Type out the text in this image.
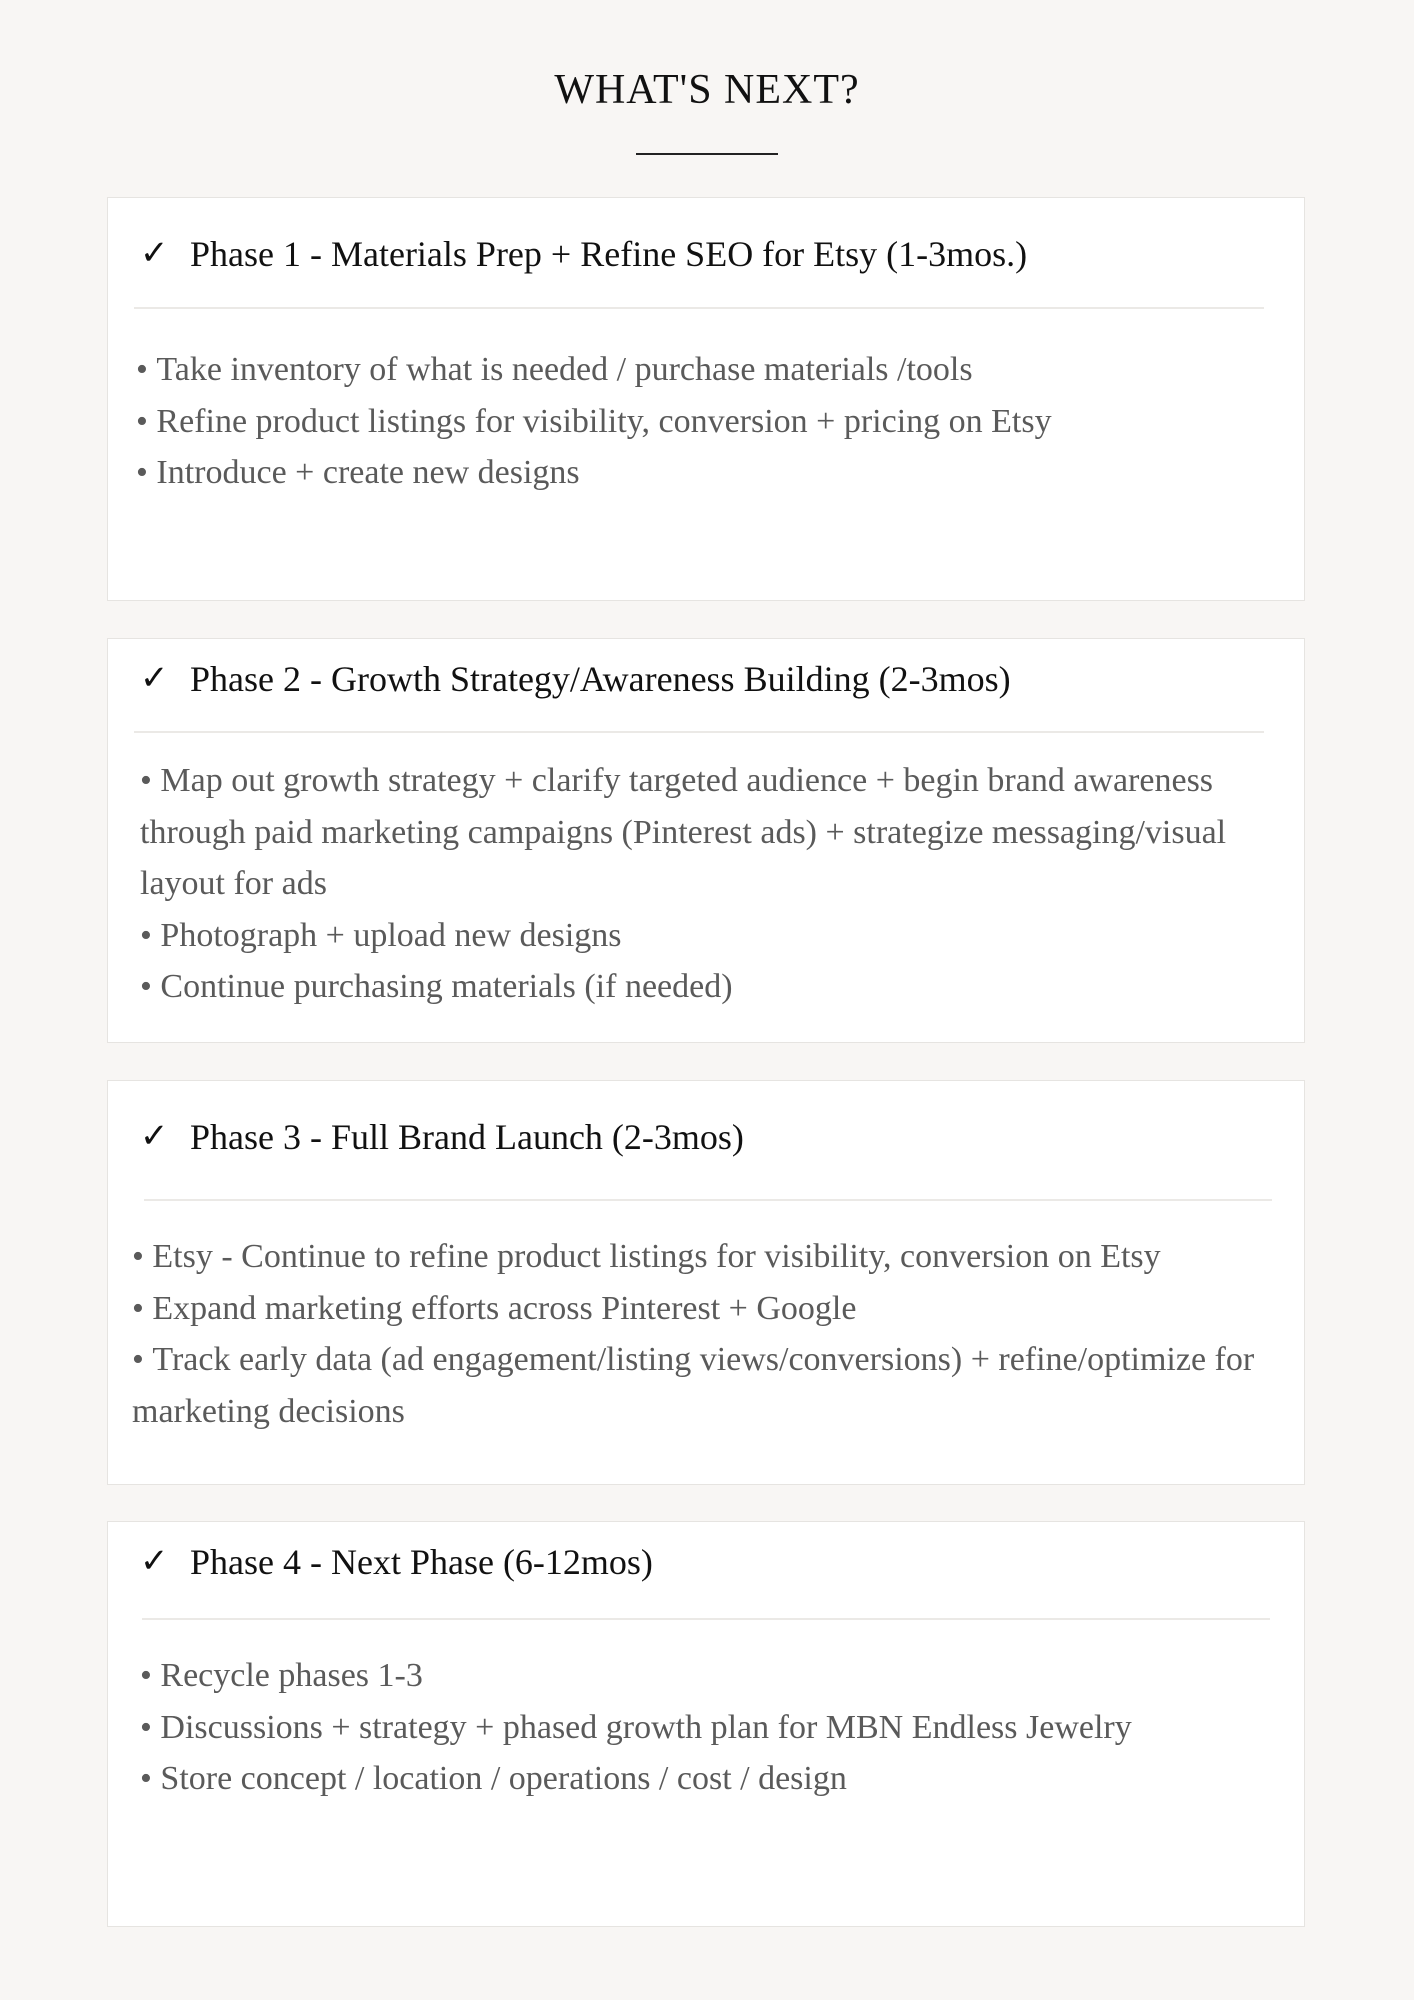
WHAT'S NEXT?
✓ Phase 1 - Materials Prep + Refine SEO for Etsy (1-3mos.)
• Take inventory of what is needed / purchase materials /tools
• Refine product listings for visibility, conversion + pricing on Etsy
• Introduce + create new designs
✓ Phase 2 - Growth Strategy/Awareness Building (2-3mos)
• Map out growth strategy + clarify targeted audience + begin brand awareness through paid marketing campaigns (Pinterest ads) + strategize messaging/visual layout for ads
• Photograph + upload new designs
• Continue purchasing materials (if needed)
✓ Phase 3 - Full Brand Launch (2-3mos)
• Etsy - Continue to refine product listings for visibility, conversion on Etsy
• Expand marketing efforts across Pinterest + Google
• Track early data (ad engagement/listing views/conversions) + refine/optimize for marketing decisions
✓ Phase 4 - Next Phase (6-12mos)
• Recycle phases 1-3
• Discussions + strategy + phased growth plan for MBN Endless Jewelry
• Store concept / location / operations / cost / design
